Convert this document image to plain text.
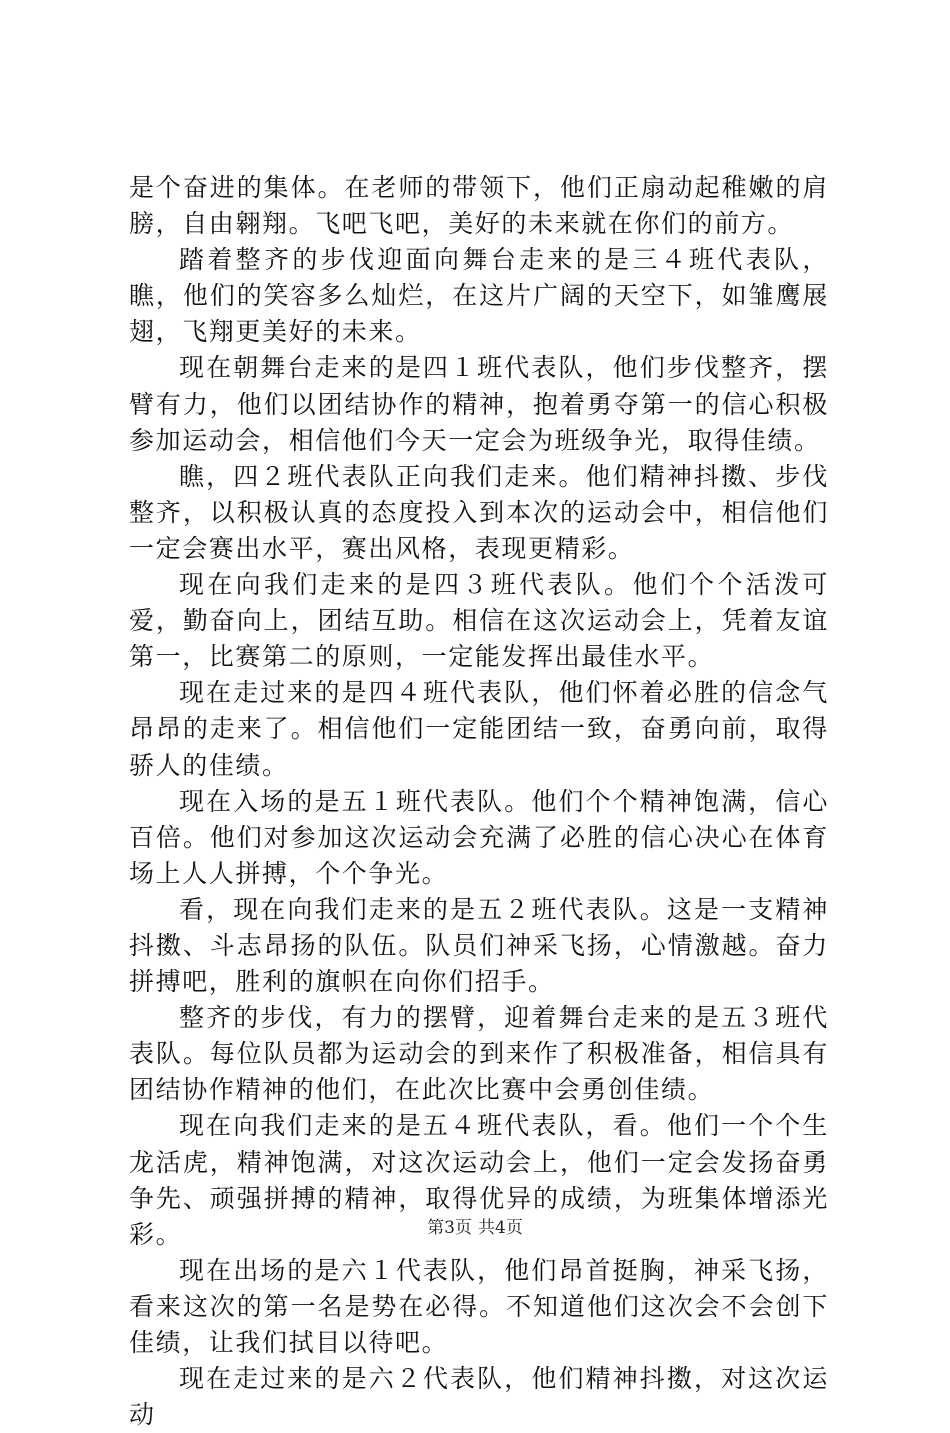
是个奋进的集体。在老师的带领下，他们正扇动起稚嫩的肩膀，自由翱翔。飞吧飞吧，美好的未来就在你们的前方。

踏着整齐的步伐迎面向舞台走来的是三４班代表队，瞧，他们的笑容多么灿烂，在这片广阔的天空下，如雏鹰展翅，飞翔更美好的未来。

现在朝舞台走来的是四１班代表队，他们步伐整齐，摆臂有力，他们以团结协作的精神，抱着勇夺第一的信心积极参加运动会，相信他们今天一定会为班级争光，取得佳绩。

瞧，四２班代表队正向我们走来。他们精神抖擞、步伐整齐，以积极认真的态度投入到本次的运动会中，相信他们一定会赛出水平，赛出风格，表现更精彩。

现在向我们走来的是四３班代表队。他们个个活泼可爱，勤奋向上，团结互助。相信在这次运动会上，凭着友谊第一，比赛第二的原则，一定能发挥出最佳水平。

现在走过来的是四４班代表队，他们怀着必胜的信念气昂昂的走来了。相信他们一定能团结一致，奋勇向前，取得骄人的佳绩。

现在入场的是五１班代表队。他们个个精神饱满，信心百倍。他们对参加这次运动会充满了必胜的信心决心在体育场上人人拼搏，个个争光。

看，现在向我们走来的是五２班代表队。这是一支精神抖擞、斗志昂扬的队伍。队员们神采飞扬，心情激越。奋力拼搏吧，胜利的旗帜在向你们招手。

整齐的步伐，有力的摆臂，迎着舞台走来的是五３班代表队。每位队员都为运动会的到来作了积极准备，相信具有团结协作精神的他们，在此次比赛中会勇创佳绩。

现在向我们走来的是五４班代表队，看。他们一个个生龙活虎，精神饱满，对这次运动会上，他们一定会发扬奋勇争先、顽强拼搏的精神，取得优异的成绩，为班集体增添光彩。

现在出场的是六１代表队，他们昂首挺胸，神采飞扬，看来这次的第一名是势在必得。不知道他们这次会不会创下佳绩，让我们拭目以待吧。

现在走过来的是六２代表队，他们精神抖擞，对这次运动

第3页 共4页
